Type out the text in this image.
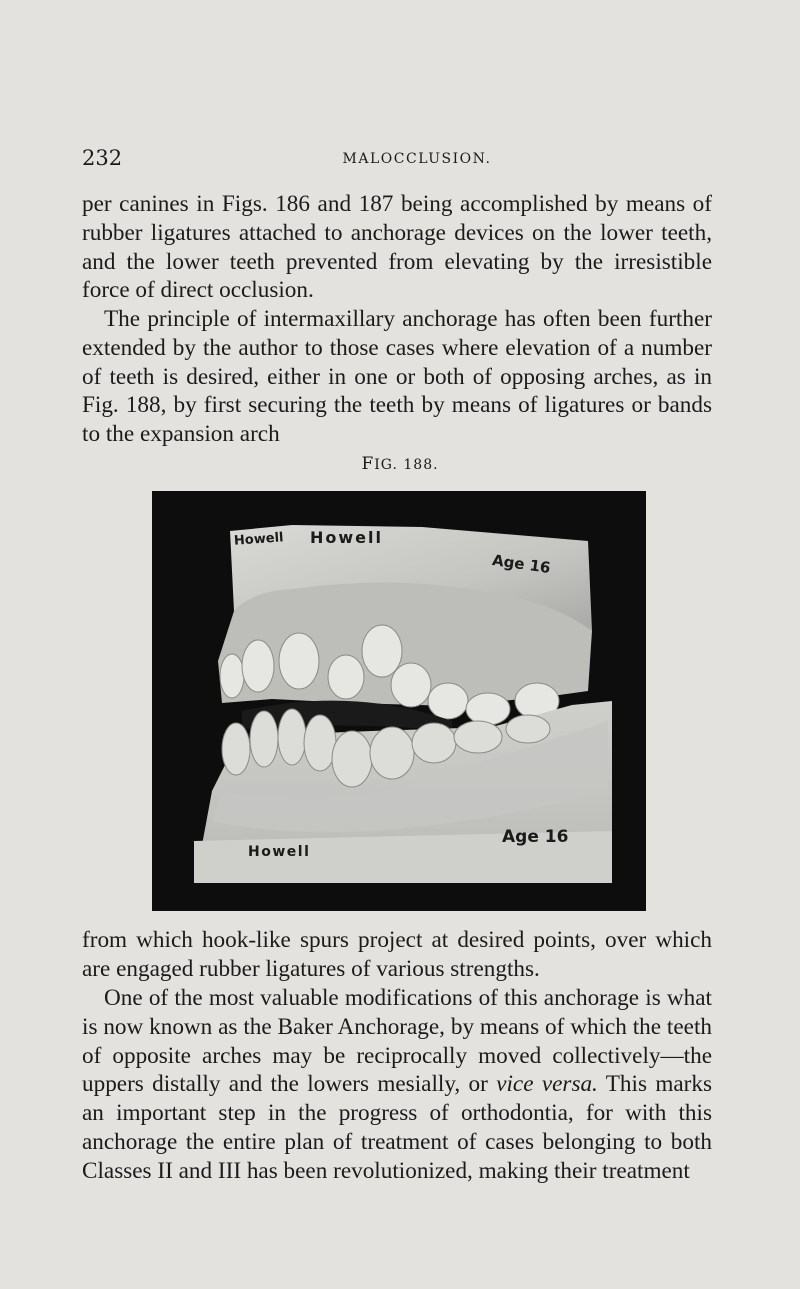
232	MALOCCLUSION.

per canines in Figs. 186 and 187 being accomplished by means of rubber ligatures attached to anchorage devices on the lower teeth, and the lower teeth prevented from elevating by the irresistible force of direct occlusion.

The principle of intermaxillary anchorage has often been further extended by the author to those cases where elevation of a number of teeth is desired, either in one or both of opposing arches, as in Fig. 188, by first securing the teeth by means of ligatures or bands to the expansion arch

FIG. 188.
Howell Howell
Age 16
Howell
Age 16

from which hook-like spurs project at desired points, over which are engaged rubber ligatures of various strengths.

One of the most valuable modifications of this anchorage is what is now known as the Baker Anchorage, by means of which the teeth of opposite arches may be reciprocally moved collectively—the uppers distally and the lowers mesially, or vice versa. This marks an important step in the progress of orthodontia, for with this anchorage the entire plan of treatment of cases belonging to both Classes II and III has been revolutionized, making their treatment
